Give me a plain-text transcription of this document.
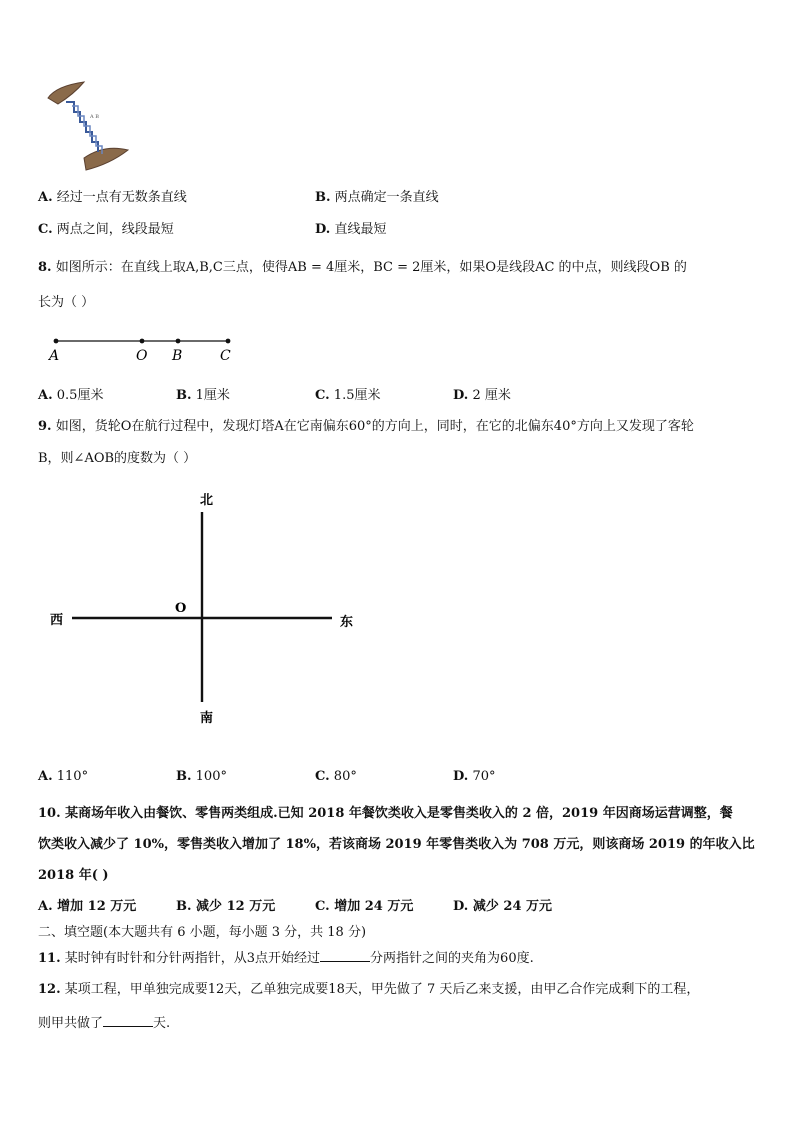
A B
A. 经过一点有无数条直线	B. 两点确定一条直线
C. 两点之间，线段最短	D. 直线最短
8. 如图所示：在直线上取A,B,C三点，使得AB = 4厘米，BC = 2厘米，如果O是线段AC 的中点，则线段OB 的
长为（ ）
A	O B	C
A. 0.5厘米	B. 1厘米	C. 1.5厘米	D. 2 厘米
9. 如图，货轮O在航行过程中，发现灯塔A在它南偏东60°的方向上，同时，在它的北偏东40°方向上又发现了客轮
B，则∠AOB的度数为（ ）
北
南
东
西
O
A. 110°	B. 100°	C. 80°	D. 70°
10. 某商场年收入由餐饮、零售两类组成.已知 2018 年餐饮类收入是零售类收入的 2 倍，2019 年因商场运营调整，餐
饮类收入减少了 10%，零售类收入增加了 18%，若该商场 2019 年零售类收入为 708 万元，则该商场 2019 的年收入比
2018 年( )
A. 增加 12 万元	B. 减少 12 万元	C. 增加 24 万元	D. 减少 24 万元
二、填空题(本大题共有 6 小题，每小题 3 分，共 18 分)
11. 某时钟有时针和分针两指针，从3点开始经过	分两指针之间的夹角为60度.
12. 某项工程，甲单独完成要12天，乙单独完成要18天，甲先做了 7 天后乙来支援，由甲乙合作完成剩下的工程，
则甲共做了	天.
